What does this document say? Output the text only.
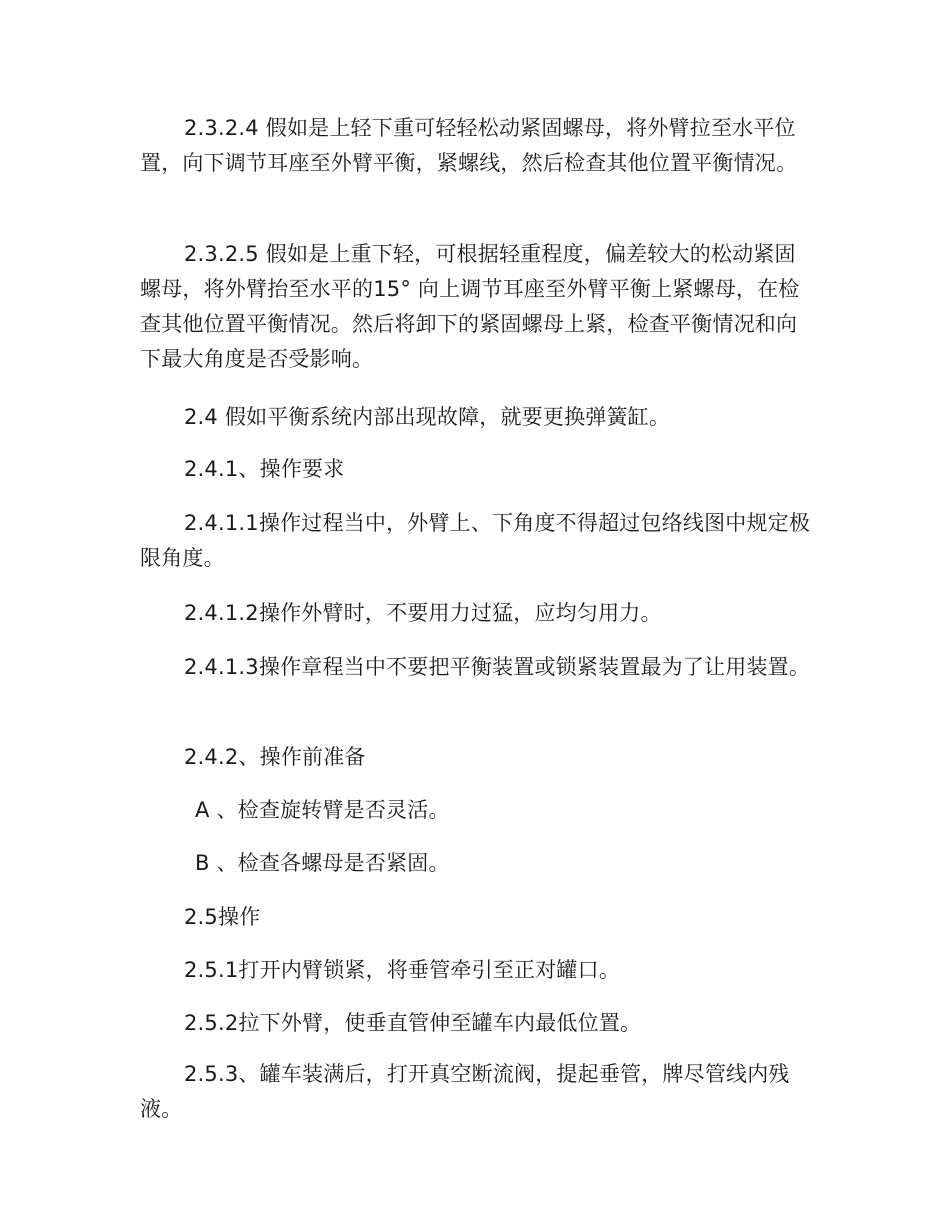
2.3.2.4 假如是上轻下重可轻轻松动紧固螺母，将外臂拉至水平位置，向下调节耳座至外臂平衡，紧螺线，然后检查其他位置平衡情况。

2.3.2.5 假如是上重下轻，可根据轻重程度，偏差较大的松动紧固螺母，将外臂抬至水平的15° 向上调节耳座至外臂平衡上紧螺母，在检查其他位置平衡情况。然后将卸下的紧固螺母上紧，检查平衡情况和向下最大角度是否受影响。

2.4 假如平衡系统内部出现故障，就要更换弹簧缸。

2.4.1、操作要求

2.4.1.1操作过程当中，外臂上、下角度不得超过包络线图中规定极限角度。

2.4.1.2操作外臂时，不要用力过猛，应均匀用力。

2.4.1.3操作章程当中不要把平衡装置或锁紧装置最为了让用装置。

2.4.2、操作前准备

A 、检查旋转臂是否灵活。

B 、检查各螺母是否紧固。

2.5操作

2.5.1打开内臂锁紧，将垂管牵引至正对罐口。

2.5.2拉下外臂，使垂直管伸至罐车内最低位置。

2.5.3、罐车装满后，打开真空断流阀，提起垂管，牌尽管线内残液。
